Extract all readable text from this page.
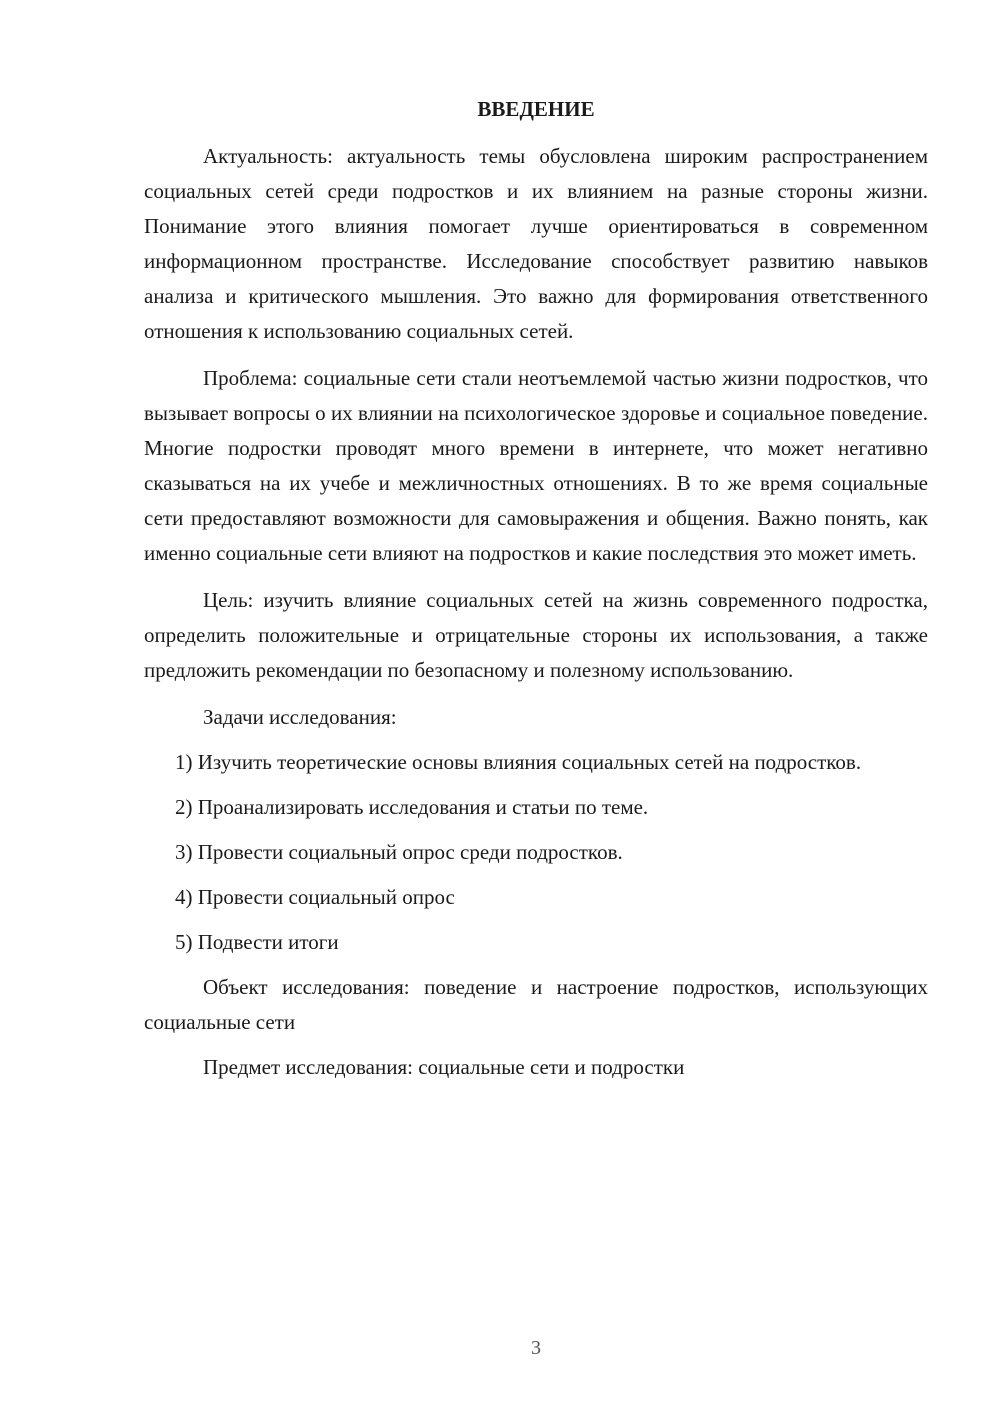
ВВЕДЕНИЕ

Актуальность: актуальность темы обусловлена широким распространением социальных сетей среди подростков и их влиянием на разные стороны жизни. Понимание этого влияния помогает лучше ориентироваться в современном информационном пространстве. Исследование способствует развитию навыков анализа и критического мышления. Это важно для формирования ответственного отношения к использованию социальных сетей.

Проблема: социальные сети стали неотъемлемой частью жизни подростков, что вызывает вопросы о их влиянии на психологическое здоровье и социальное поведение. Многие подростки проводят много времени в интернете, что может негативно сказываться на их учебе и межличностных отношениях. В то же время социальные сети предоставляют возможности для самовыражения и общения. Важно понять, как именно социальные сети влияют на подростков и какие последствия это может иметь.

Цель: изучить влияние социальных сетей на жизнь современного подростка, определить положительные и отрицательные стороны их использования, а также предложить рекомендации по безопасному и полезному использованию.

Задачи исследования:

1) Изучить теоретические основы влияния социальных сетей на подростков.

2) Проанализировать исследования и статьи по теме.

3) Провести социальный опрос среди подростков.

4) Провести социальный опрос

5) Подвести итоги

Объект исследования: поведение и настроение подростков, использующих социальные сети

Предмет исследования: социальные сети и подростки

3
